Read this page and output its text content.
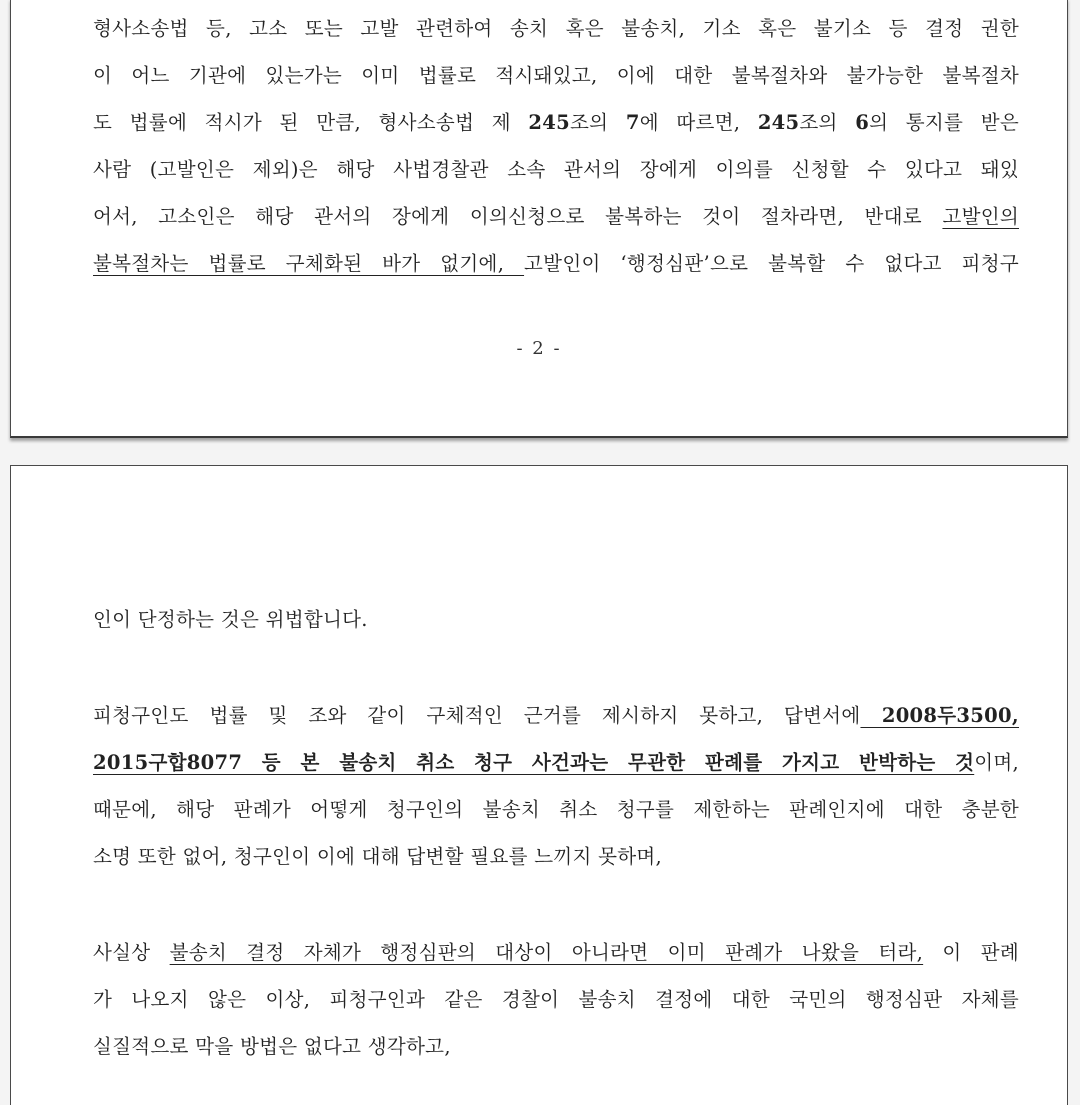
형사소송법 등, 고소 또는 고발 관련하여 송치 혹은 불송치, 기소 혹은 불기소 등 결정 권한
이 어느 기관에 있는가는 이미 법률로 적시돼있고, 이에 대한 불복절차와 불가능한 불복절차
도 법률에 적시가 된 만큼, 형사소송법 제 245조의 7에 따르면, 245조의 6의 통지를 받은
사람 (고발인은 제외)은 해당 사법경찰관 소속 관서의 장에게 이의를 신청할 수 있다고 돼있
어서, 고소인은 해당 관서의 장에게 이의신청으로 불복하는 것이 절차라면, 반대로 고발인의
불복절차는 법률로 구체화된 바가 없기에, 고발인이 ‘행정심판’으로 불복할 수 없다고 피청구
- 2 -
인이 단정하는 것은 위법합니다.
피청구인도 법률 및 조와 같이 구체적인 근거를 제시하지 못하고, 답변서에 2008두3500,
2015구합8077 등 본 불송치 취소 청구 사건과는 무관한 판례를 가지고 반박하는 것이며,
때문에, 해당 판례가 어떻게 청구인의 불송치 취소 청구를 제한하는 판례인지에 대한 충분한
소명 또한 없어, 청구인이 이에 대해 답변할 필요를 느끼지 못하며,
사실상 불송치 결정 자체가 행정심판의 대상이 아니라면 이미 판례가 나왔을 터라, 이 판례
가 나오지 않은 이상, 피청구인과 같은 경찰이 불송치 결정에 대한 국민의 행정심판 자체를
실질적으로 막을 방법은 없다고 생각하고,
